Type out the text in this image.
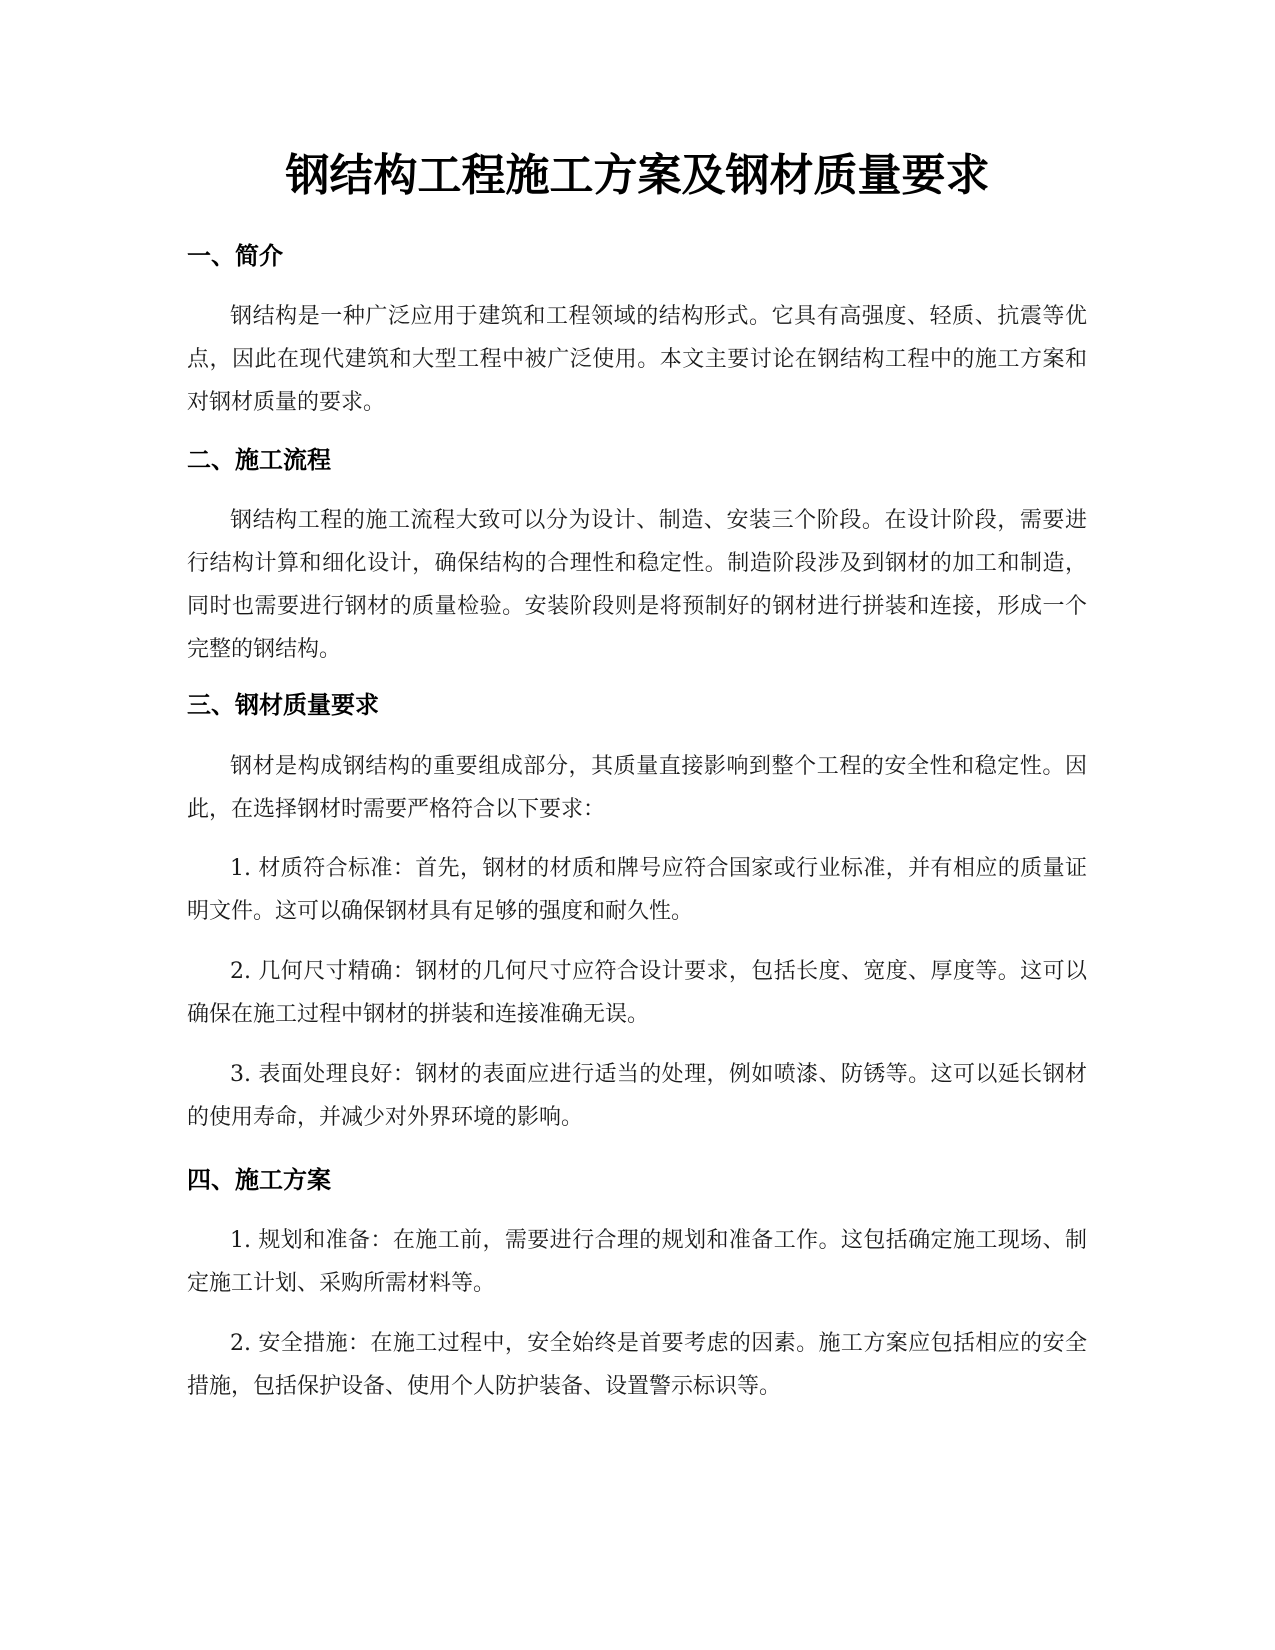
钢结构工程施工方案及钢材质量要求
一、简介

钢结构是一种广泛应用于建筑和工程领域的结构形式。它具有高强度、轻质、抗震等优点，因此在现代建筑和大型工程中被广泛使用。本文主要讨论在钢结构工程中的施工方案和对钢材质量的要求。

二、施工流程

钢结构工程的施工流程大致可以分为设计、制造、安装三个阶段。在设计阶段，需要进行结构计算和细化设计，确保结构的合理性和稳定性。制造阶段涉及到钢材的加工和制造，同时也需要进行钢材的质量检验。安装阶段则是将预制好的钢材进行拼装和连接，形成一个完整的钢结构。

三、钢材质量要求

钢材是构成钢结构的重要组成部分，其质量直接影响到整个工程的安全性和稳定性。因此，在选择钢材时需要严格符合以下要求：

1. 材质符合标准：首先，钢材的材质和牌号应符合国家或行业标准，并有相应的质量证明文件。这可以确保钢材具有足够的强度和耐久性。

2. 几何尺寸精确：钢材的几何尺寸应符合设计要求，包括长度、宽度、厚度等。这可以确保在施工过程中钢材的拼装和连接准确无误。

3. 表面处理良好：钢材的表面应进行适当的处理，例如喷漆、防锈等。这可以延长钢材的使用寿命，并减少对外界环境的影响。

四、施工方案

1. 规划和准备：在施工前，需要进行合理的规划和准备工作。这包括确定施工现场、制定施工计划、采购所需材料等。

2. 安全措施：在施工过程中，安全始终是首要考虑的因素。施工方案应包括相应的安全措施，包括保护设备、使用个人防护装备、设置警示标识等。
